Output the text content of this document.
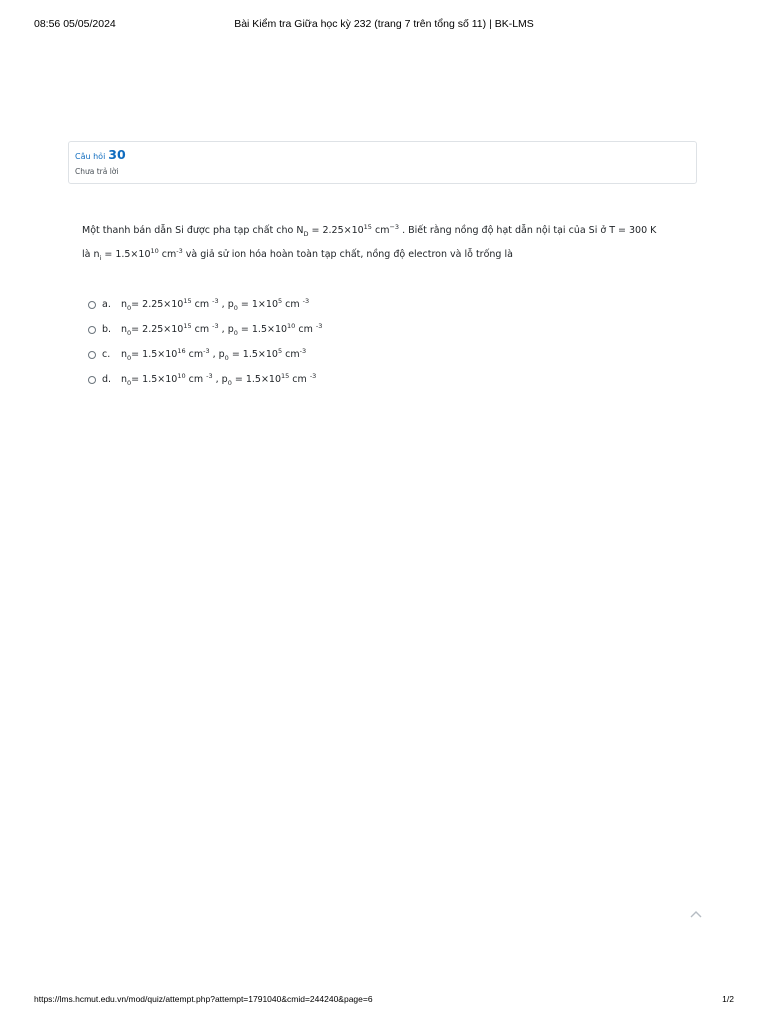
08:56 05/05/2024	Bài Kiểm tra Giữa học kỳ 232 (trang 7 trên tổng số 11) | BK-LMS
Câu hỏi 30
Chưa trả lời
Một thanh bán dẫn Si được pha tạp chất cho $N_D = 2.25\times 10^{15}$ $cm^{-3}$ . Biết rằng nồng độ hạt dẫn nội tại của Si ở T = 300 K
là $n_i = 1.5\times 10^{10}$ $cm^{-3}$ và giả sử ion hóa hoàn toàn tạp chất, nồng độ electron và lỗ trống là
a.	$n_0= 2.25\times 10^{15}$ cm $^{-3}$ , $p_0 = 1\times 10^5$ cm $^{-3}$
b.	$n_0= 2.25\times 10^{15}$ cm $^{-3}$ , $p_0 = 1.5\times 10^{10}$ cm $^{-3}$
c.	$n_0= 1.5\times 10^{16}$ $cm^{-3}$ , $p_0 = 1.5\times 10^5$ $cm^{-3}$
d.	$n_0= 1.5\times 10^{10}$ cm $^{-3}$ , $p_0 = 1.5\times 10^{15}$ cm $^{-3}$
https://lms.hcmut.edu.vn/mod/quiz/attempt.php?attempt=1791040&cmid=244240&page=6	1/2
